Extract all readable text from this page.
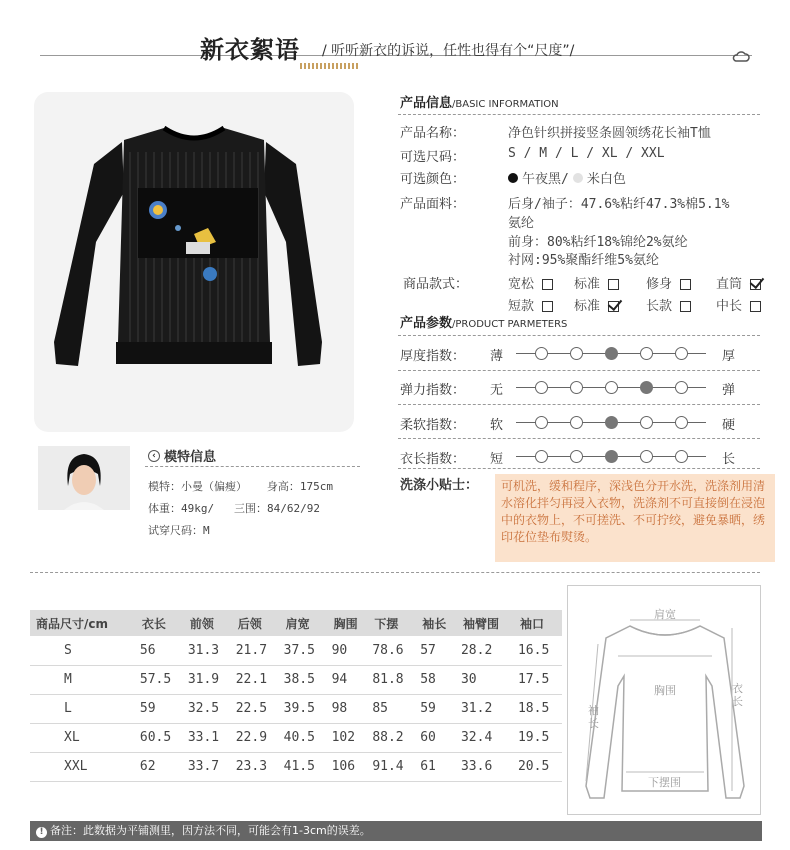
新衣絮语 / 听听新衣的诉说，任性也得有个“尺度”/
产品信息/BASIC INFORMATION
产品名称：	净色针织拼接竖条圆领绣花长袖T恤
可选尺码：	S / M / L / XL / XXL
可选颜色：	午夜黑/ 米白色
产品面料：	后身/袖子：47.6%粘纤47.3%棉5.1%
氨纶
前身：80%粘纤18%锦纶2%氨纶
衬网:95%聚酯纤维5%氨纶
商品款式：	宽松	标准	修身	直筒
短款	标准	长款	中长
产品参数/PRODUCT PARMETERS
厚度指数： 薄	厚
弹力指数： 无	弹
柔软指数： 软	硬
衣长指数： 短	长
洗涤小贴士：	可机洗，缓和程序，深浅色分开水洗，洗涤剂用清水溶化拌匀再浸入衣物，洗涤剂不可直接倒在浸泡中的衣物上，不可搓洗、不可拧绞，避免暴晒，绣印花位垫布熨烫。
‹ 模特信息
模特：小曼（偏瘦）   身高：175cm
体重：49kg/   三围：84/62/92
试穿尺码：M
商品尺寸/cm	衣长	前领	后领	肩宽	胸围	下摆	袖长	袖臂围	袖口
S	56	31.3	21.7	37.5	90	78.6	57	28.2	16.5
M	57.5	31.9	22.1	38.5	94	81.8	58	30	17.5
L	59	32.5	22.5	39.5	98	85	59	31.2	18.5
XL	60.5	33.1	22.9	40.5	102	88.2	60	32.4	19.5
XXL	62	33.7	23.3	41.5	106	91.4	61	33.6	20.5
肩宽
胸围	衣长
袖长
下摆围
! 备注：此数据为平铺测里，因方法不同，可能会有1-3cm的误差。
